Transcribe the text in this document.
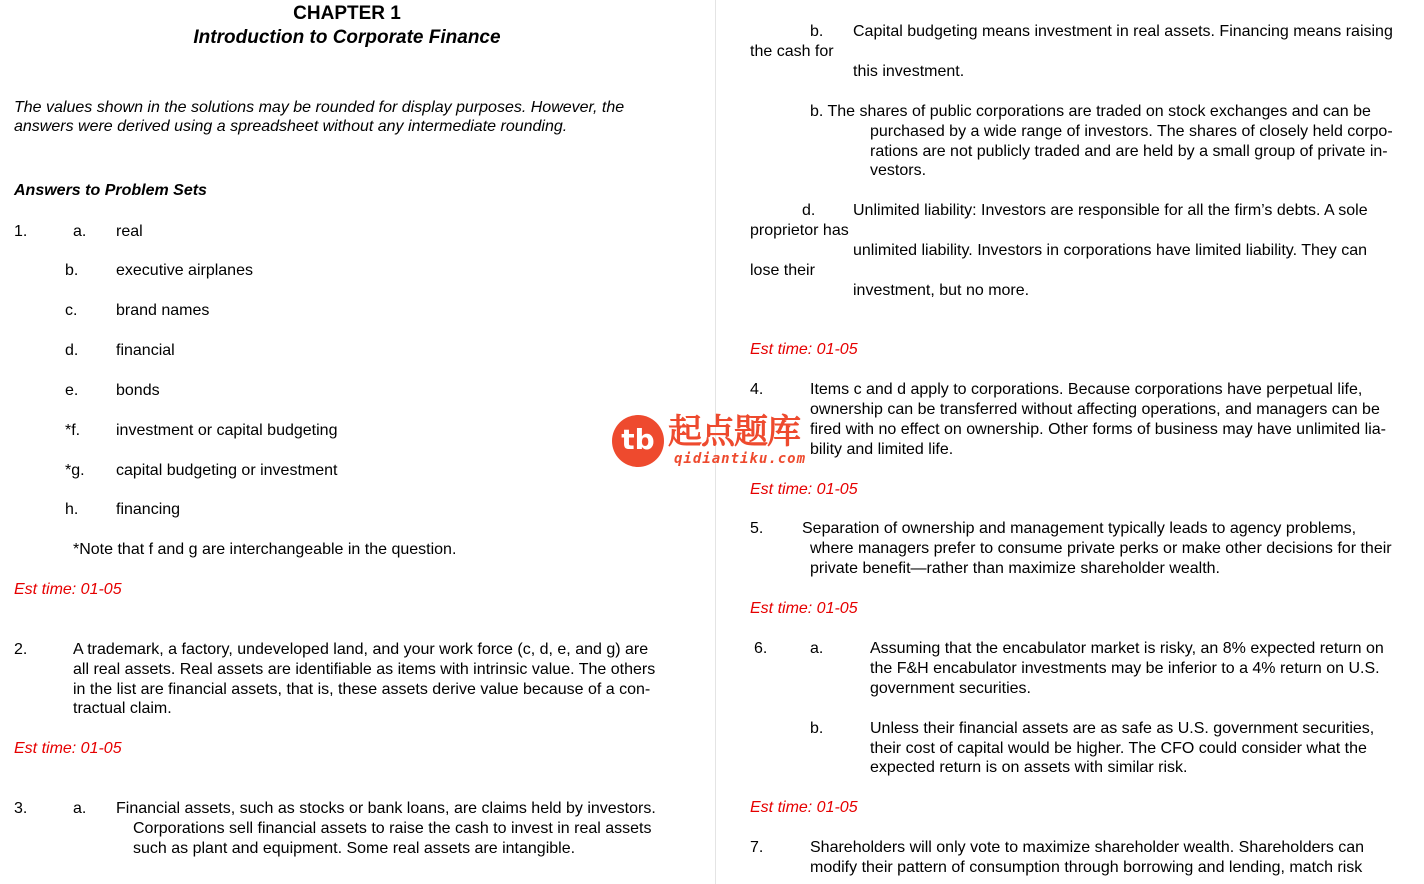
CHAPTER 1
Introduction to Corporate Finance
The values shown in the solutions may be rounded for display purposes. However, the
answers were derived using a spreadsheet without any intermediate rounding.
Answers to Problem Sets
1.	a. real
b. executive airplanes
c. brand names
d. financial
e. bonds
*f. investment or capital budgeting
*g. capital budgeting or investment
h. financing
*Note that f and g are interchangeable in the question.
Est time: 01-05
2.	A trademark, a factory, undeveloped land, and your work force (c, d, e, and g) are
all real assets. Real assets are identifiable as items with intrinsic value. The others
in the list are financial assets, that is, these assets derive value because of a con-
tractual claim.
Est time: 01-05
3.	a. Financial assets, such as stocks or bank loans, are claims held by investors.
Corporations sell financial assets to raise the cash to invest in real assets
such as plant and equipment. Some real assets are intangible.
b. Capital budgeting means investment in real assets. Financing means raising
the cash for
this investment.
b. The shares of public corporations are traded on stock exchanges and can be
purchased by a wide range of investors. The shares of closely held corpo-
rations are not publicly traded and are held by a small group of private in-
vestors.
d. Unlimited liability: Investors are responsible for all the firm’s debts. A sole
proprietor has
unlimited liability. Investors in corporations have limited liability. They can
lose their
investment, but no more.
Est time: 01-05
4.	Items c and d apply to corporations. Because corporations have perpetual life,
ownership can be transferred without affecting operations, and managers can be
fired with no effect on ownership. Other forms of business may have unlimited lia-
bility and limited life.
Est time: 01-05
5. Separation of ownership and management typically leads to agency problems,
where managers prefer to consume private perks or make other decisions for their
private benefit—rather than maximize shareholder wealth.
Est time: 01-05
6.	a.	Assuming that the encabulator market is risky, an 8% expected return on
the F&H encabulator investments may be inferior to a 4% return on U.S.
government securities.
b.	Unless their financial assets are as safe as U.S. government securities,
their cost of capital would be higher. The CFO could consider what the
expected return is on assets with similar risk.
Est time: 01-05
7.	Shareholders will only vote to maximize shareholder wealth. Shareholders can
modify their pattern of consumption through borrowing and lending, match risk
tb 起点题库
qidiantiku.com
